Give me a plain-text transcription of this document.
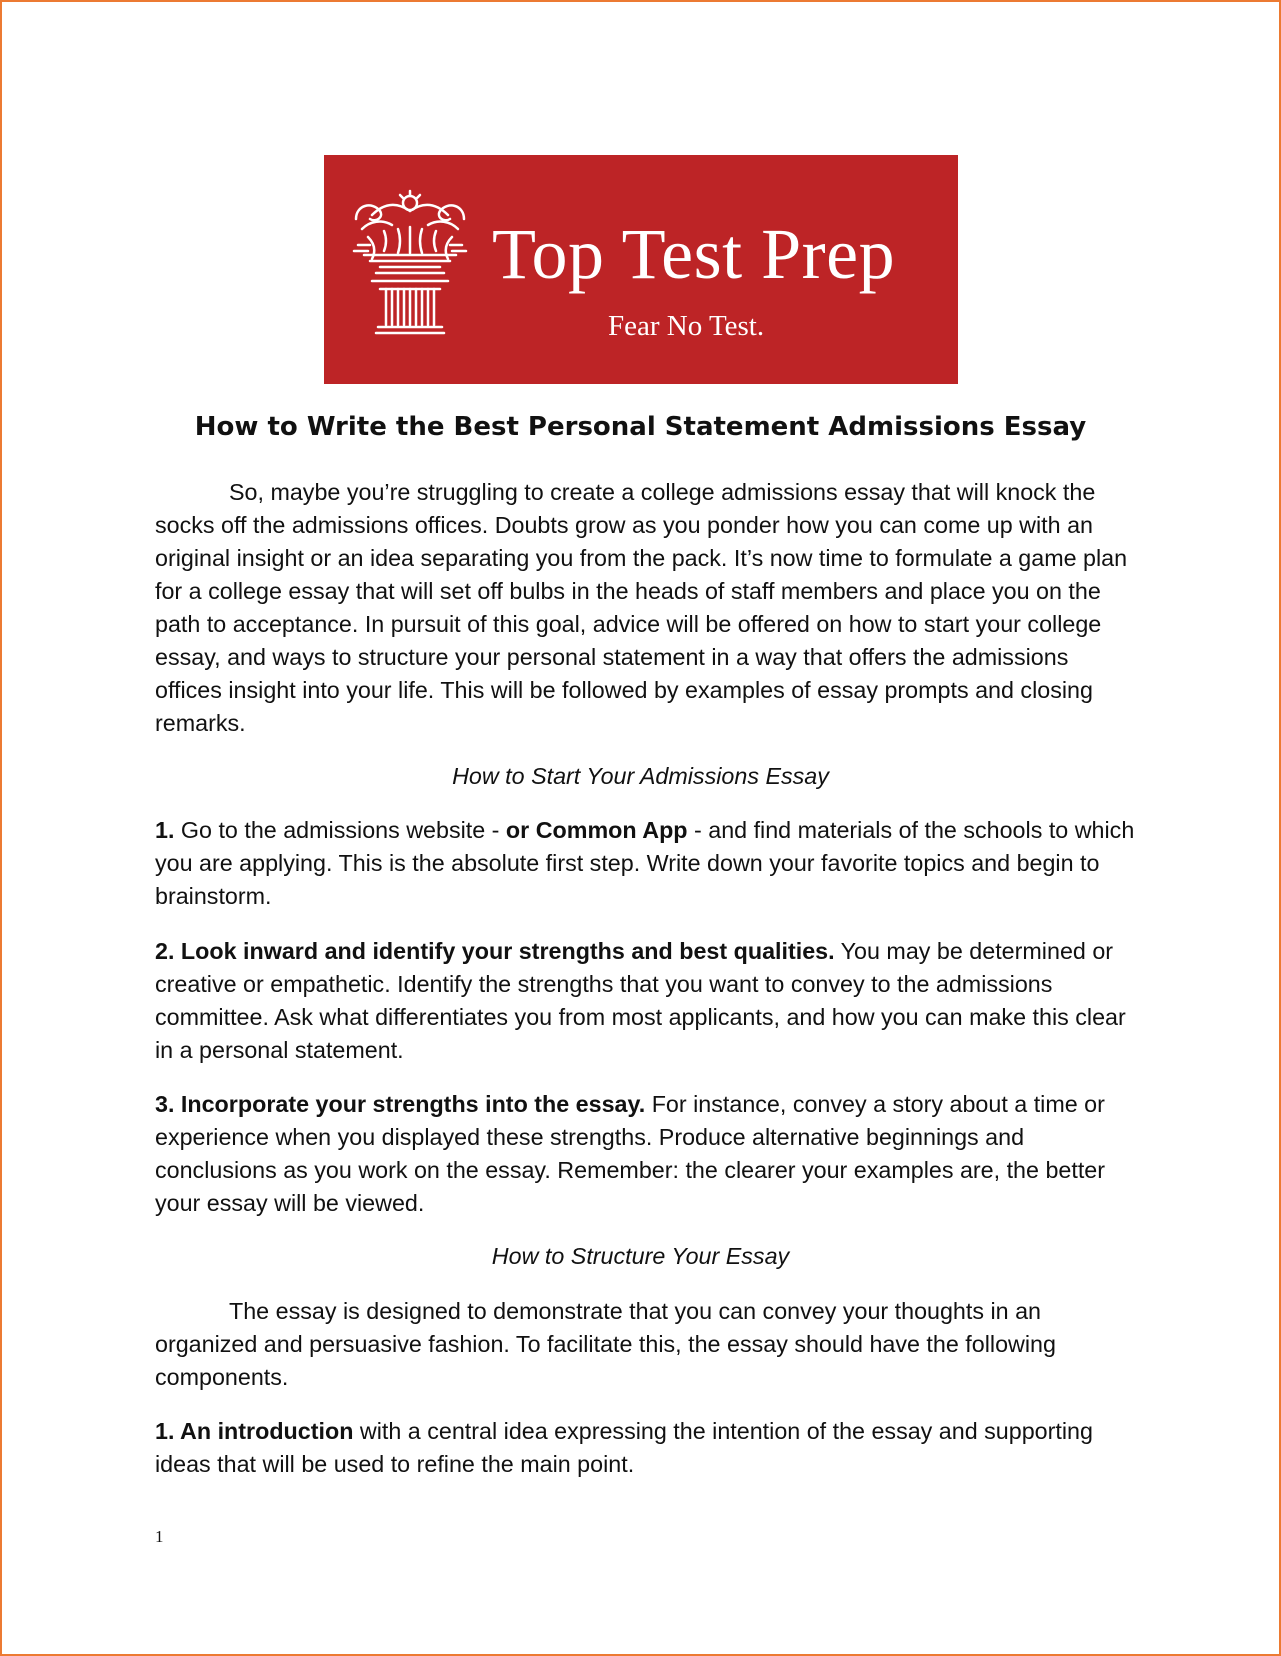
Top Test Prep
Fear No Test.
How to Write the Best Personal Statement Admissions Essay

So, maybe you’re struggling to create a college admissions essay that will knock the socks off the admissions offices. Doubts grow as you ponder how you can come up with an original insight or an idea separating you from the pack. It’s now time to formulate a game plan for a college essay that will set off bulbs in the heads of staff members and place you on the path to acceptance. In pursuit of this goal, advice will be offered on how to start your college essay, and ways to structure your personal statement in a way that offers the admissions offices insight into your life. This will be followed by examples of essay prompts and closing remarks.

How to Start Your Admissions Essay

1. Go to the admissions website - or Common App - and find materials of the schools to which you are applying. This is the absolute first step. Write down your favorite topics and begin to brainstorm.

2. Look inward and identify your strengths and best qualities. You may be determined or creative or empathetic. Identify the strengths that you want to convey to the admissions committee. Ask what differentiates you from most applicants, and how you can make this clear in a personal statement.

3. Incorporate your strengths into the essay. For instance, convey a story about a time or experience when you displayed these strengths. Produce alternative beginnings and conclusions as you work on the essay. Remember: the clearer your examples are, the better your essay will be viewed.

How to Structure Your Essay

The essay is designed to demonstrate that you can convey your thoughts in an organized and persuasive fashion. To facilitate this, the essay should have the following components.

1. An introduction with a central idea expressing the intention of the essay and supporting ideas that will be used to refine the main point.

1
